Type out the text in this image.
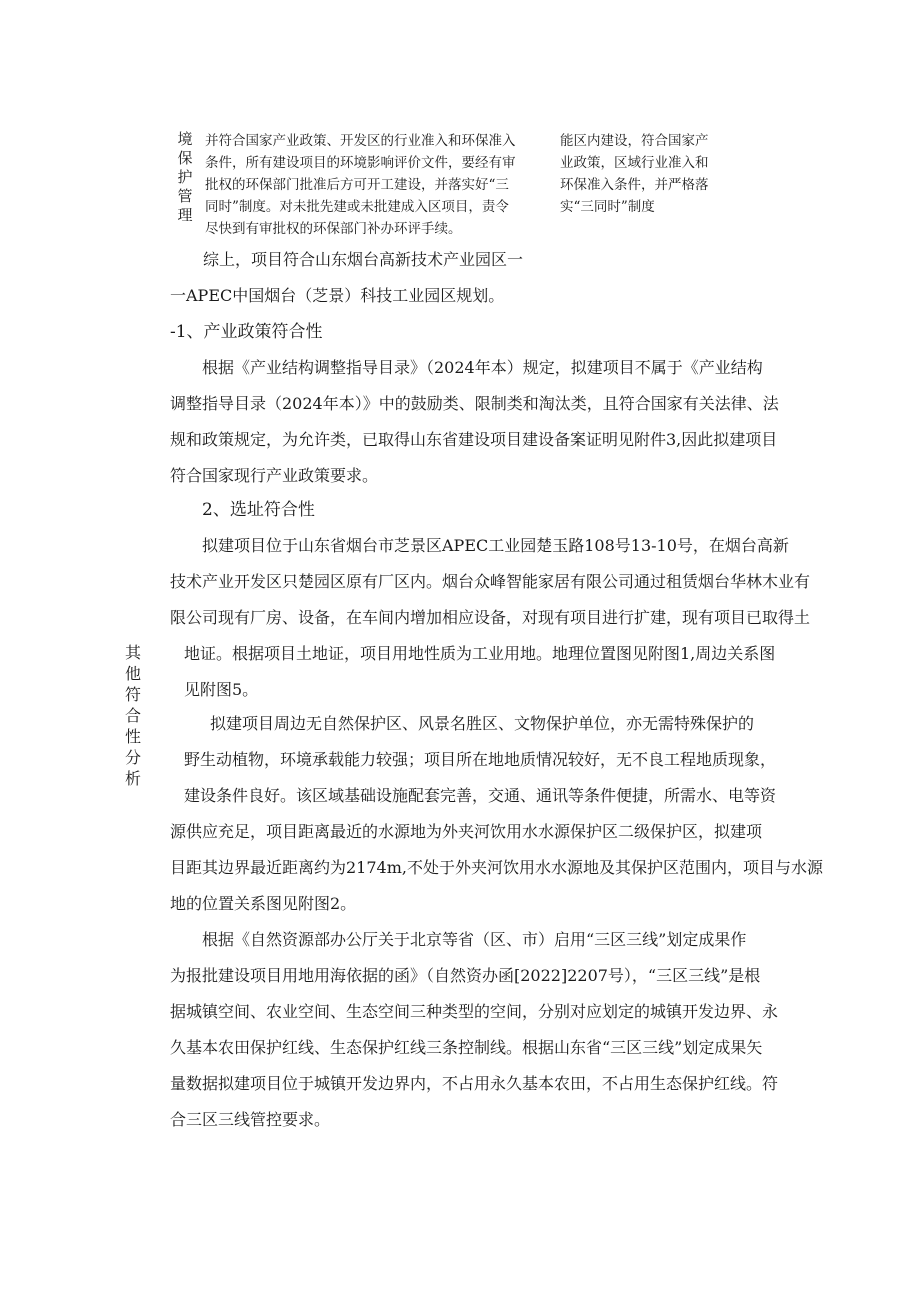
境保护管理
并符合国家产业政策、开发区的行业准入和环保准入
条件，所有建设项目的环境影响评价文件，要经有审
批权的环保部门批准后方可开工建设，并落实好“三
同时”制度。对未批先建或未批建成入区项目，责令
尽快到有审批权的环保部门补办环评手续。
能区内建设，符合国家产
业政策，区域行业准入和
环保准入条件，并严格落
实“三同时”制度
其他符合性分析
综上，项目符合山东烟台高新技术产业园区一
一APEC中国烟台（芝景）科技工业园区规划。
-1、产业政策符合性
根据《产业结构调整指导目录》（2024年本）规定，拟建项目不属于《产业结构
调整指导目录（2024年本）》中的鼓励类、限制类和淘汰类，且符合国家有关法律、法
规和政策规定，为允许类，已取得山东省建设项目建设备案证明见附件3,因此拟建项目
符合国家现行产业政策要求。
2、选址符合性
拟建项目位于山东省烟台市芝景区APEC工业园楚玉路108号13-10号，在烟台高新
技术产业开发区只楚园区原有厂区内。烟台众峰智能家居有限公司通过租赁烟台华林木业有
限公司现有厂房、设备，在车间内增加相应设备，对现有项目进行扩建，现有项目已取得土
地证。根据项目土地证，项目用地性质为工业用地。地理位置图见附图1,周边关系图
见附图5。
拟建项目周边无自然保护区、风景名胜区、文物保护单位，亦无需特殊保护的
野生动植物，环境承载能力较强；项目所在地地质情况较好，无不良工程地质现象，
建设条件良好。该区域基础设施配套完善，交通、通讯等条件便捷，所需水、电等资
源供应充足，项目距离最近的水源地为外夹河饮用水水源保护区二级保护区，拟建项
目距其边界最近距离约为2174m,不处于外夹河饮用水水源地及其保护区范围内，项目与水源
地的位置关系图见附图2。
根据《自然资源部办公厅关于北京等省（区、市）启用“三区三线”划定成果作
为报批建设项目用地用海依据的函》（自然资办函[2022]2207号），“三区三线”是根
据城镇空间、农业空间、生态空间三种类型的空间，分别对应划定的城镇开发边界、永
久基本农田保护红线、生态保护红线三条控制线。根据山东省“三区三线”划定成果矢
量数据拟建项目位于城镇开发边界内，不占用永久基本农田，不占用生态保护红线。符
合三区三线管控要求。
